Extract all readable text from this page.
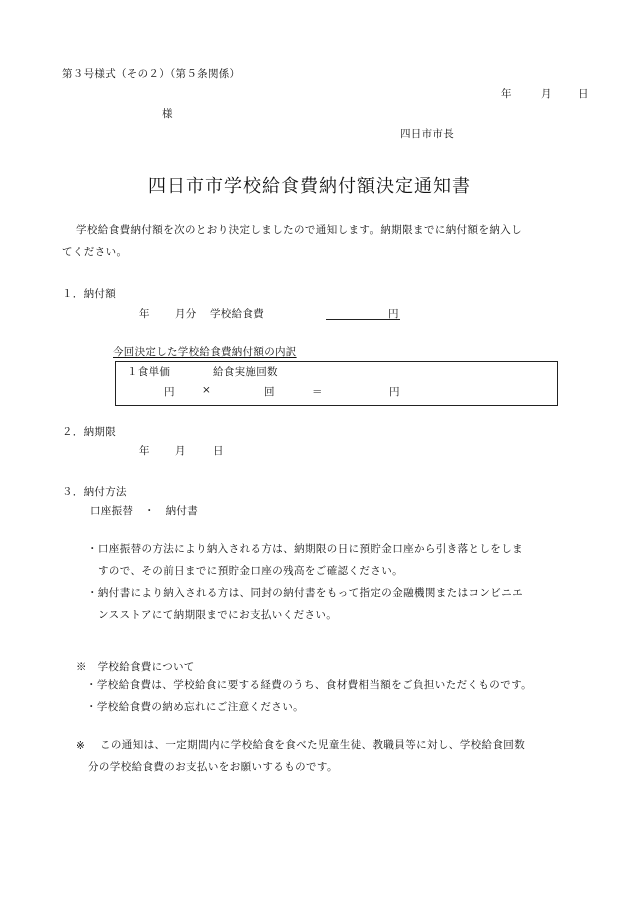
第３号様式（その２）（第５条関係）
年	月 日
様
四日市市長
四日市市学校給食費納付額決定通知書
学校給食費納付額を次のとおり決定しましたので通知します。納期限までに納付額を納入し
てください。
１．納付額
年 月分 学校給食費	円
今回決定した学校給食費納付額の内訳
１食単価	給食実施回数
円	×	回	＝	円
２．納期限
年 月	日
３．納付方法
口座振替　・　納付書
・口座振替の方法により納入される方は、納期限の日に預貯金口座から引き落としをしま
すので、その前日までに預貯金口座の残高をご確認ください。
・納付書により納入される方は、同封の納付書をもって指定の金融機関またはコンビニエ
ンスストアにて納期限までにお支払いください。
※　学校給食費について
・学校給食費は、学校給食に要する経費のうち、食材費相当額をご負担いただくものです。
・学校給食費の納め忘れにご注意ください。
※ この通知は、一定期間内に学校給食を食べた児童生徒、教職員等に対し、学校給食回数
分の学校給食費のお支払いをお願いするものです。
